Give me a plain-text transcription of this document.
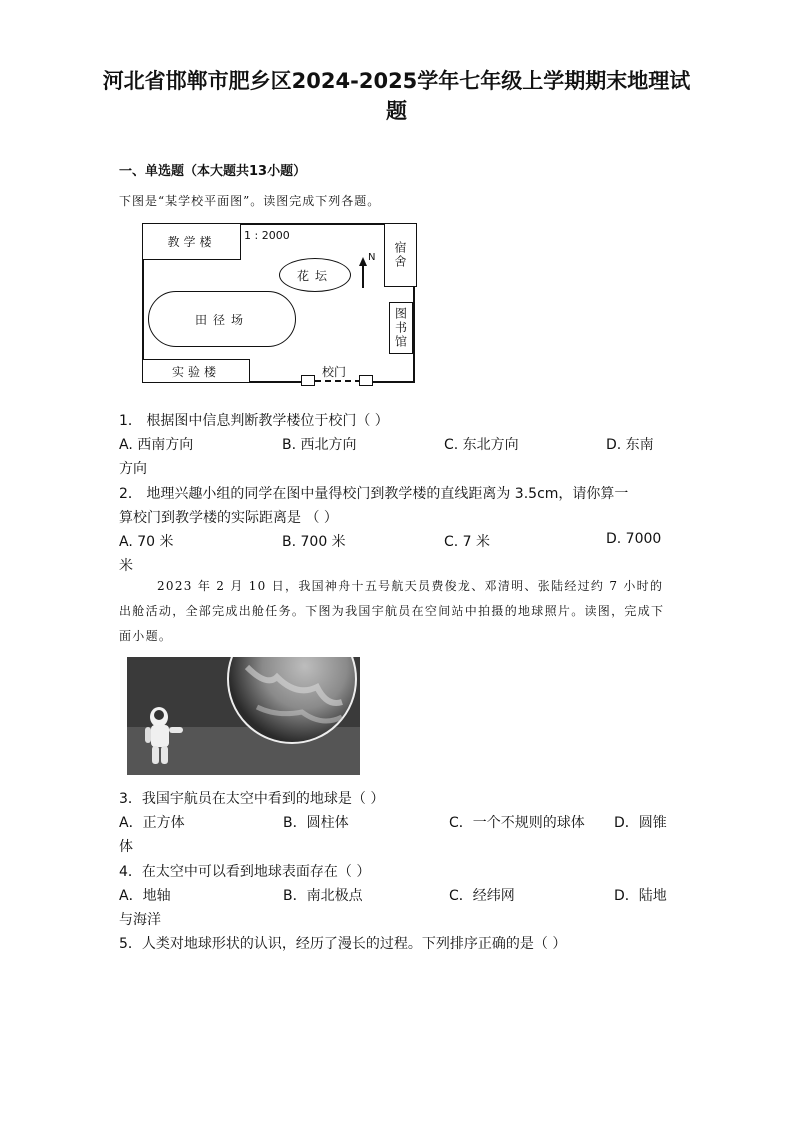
河北省邯郸市肥乡区2024-2025学年七年级上学期期末地理试题
一、单选题（本大题共13小题）
下图是“某学校平面图”。读图完成下列各题。
教学楼	1 : 2000
宿舍
花坛
N
田径场	图书馆
实验楼	校门
1． 根据图中信息判断教学楼位于校门（ ）
A. 西南方向	B. 西北方向	C. 东北方向	D. 东南
方向
2． 地理兴趣小组的同学在图中量得校门到教学楼的直线距离为 3.5cm，请你算一
算校门到教学楼的实际距离是 （ ）
A. 70 米	B. 700 米	C. 7 米	D. 7000
米
2023 年 2 月 10 日，我国神舟十五号航天员费俊龙、邓清明、张陆经过约 7 小时的出舱活动，全部完成出舱任务。下图为我国宇航员在空间站中拍摄的地球照片。读图，完成下面小题。
3．我国宇航员在太空中看到的地球是（ ）
A．正方体	B．圆柱体	C．一个不规则的球体 D．圆锥
体
4．在太空中可以看到地球表面存在（ ）
A．地轴	B．南北极点	C．经纬网	D．陆地
与海洋
5．人类对地球形状的认识，经历了漫长的过程。下列排序正确的是（ ）
